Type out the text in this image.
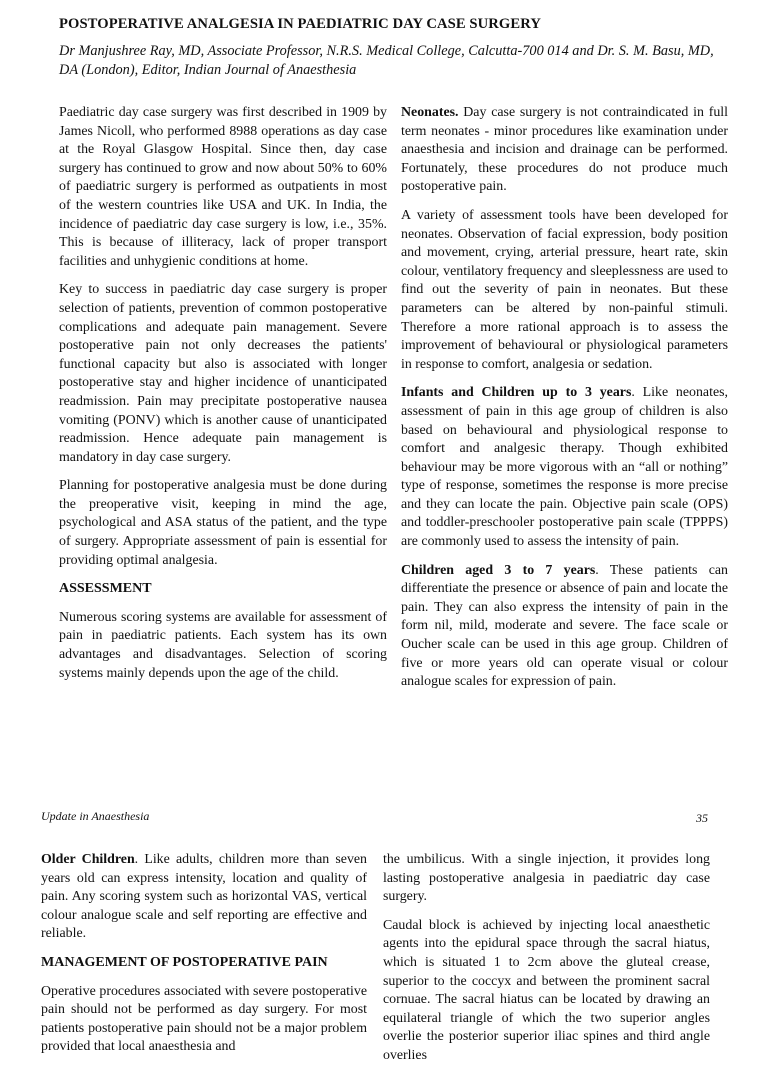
POSTOPERATIVE ANALGESIA IN PAEDIATRIC DAY CASE SURGERY

Dr Manjushree Ray, MD, Associate Professor, N.R.S. Medical College, Calcutta-700 014 and Dr. S. M. Basu, MD, DA (London), Editor, Indian Journal of Anaesthesia

Paediatric day case surgery was first described in 1909 by James Nicoll, who performed 8988 operations as day case at the Royal Glasgow Hospital. Since then, day case surgery has continued to grow and now about 50% to 60% of paediatric surgery is performed as outpatients in most of the western countries like USA and UK. In India, the incidence of paediatric day case surgery is low, i.e., 35%. This is because of illiteracy, lack of proper transport facilities and unhygienic conditions at home.

Key to success in paediatric day case surgery is proper selection of patients, prevention of common postoperative complications and adequate pain management. Severe postoperative pain not only decreases the patients' functional capacity but also is associated with longer postoperative stay and higher incidence of unanticipated readmission. Pain may precipitate postoperative nausea vomiting (PONV) which is another cause of unanticipated readmission. Hence adequate pain management is mandatory in day case surgery.

Planning for postoperative analgesia must be done during the preoperative visit, keeping in mind the age, psychological and ASA status of the patient, and the type of surgery. Appropriate assessment of pain is essential for providing optimal analgesia.

ASSESSMENT

Numerous scoring systems are available for assessment of pain in paediatric patients. Each system has its own advantages and disadvantages. Selection of scoring systems mainly depends upon the age of the child.

Neonates. Day case surgery is not contraindicated in full term neonates - minor procedures like examination under anaesthesia and incision and drainage can be performed. Fortunately, these procedures do not produce much postoperative pain.

A variety of assessment tools have been developed for neonates. Observation of facial expression, body position and movement, crying, arterial pressure, heart rate, skin colour, ventilatory frequency and sleeplessness are used to find out the severity of pain in neonates. But these parameters can be altered by non-painful stimuli. Therefore a more rational approach is to assess the improvement of behavioural or physiological parameters in response to comfort, analgesia or sedation.

Infants and Children up to 3 years. Like neonates, assessment of pain in this age group of children is also based on behavioural and physiological response to comfort and analgesic therapy. Though exhibited behaviour may be more vigorous with an “all or nothing” type of response, sometimes the response is more precise and they can locate the pain. Objective pain scale (OPS) and toddler-preschooler postoperative pain scale (TPPPS) are commonly used to assess the intensity of pain.

Children aged 3 to 7 years. These patients can differentiate the presence or absence of pain and locate the pain. They can also express the intensity of pain in the form nil, mild, moderate and severe. The face scale or Oucher scale can be used in this age group. Children of five or more years old can operate visual or colour analogue scales for expression of pain.

Update in Anaesthesia	35

Older Children. Like adults, children more than seven years old can express intensity, location and quality of pain. Any scoring system such as horizontal VAS, vertical colour analogue scale and self reporting are effective and reliable.

MANAGEMENT OF POSTOPERATIVE PAIN

Operative procedures associated with severe postoperative pain should not be performed as day surgery. For most patients postoperative pain should not be a major problem provided that local anaesthesia and

the umbilicus. With a single injection, it provides long lasting postoperative analgesia in paediatric day case surgery.

Caudal block is achieved by injecting local anaesthetic agents into the epidural space through the sacral hiatus, which is situated 1 to 2cm above the gluteal crease, superior to the coccyx and between the prominent sacral cornuae. The sacral hiatus can be located by drawing an equilateral triangle of which the two superior angles overlie the posterior superior iliac spines and third angle overlies
